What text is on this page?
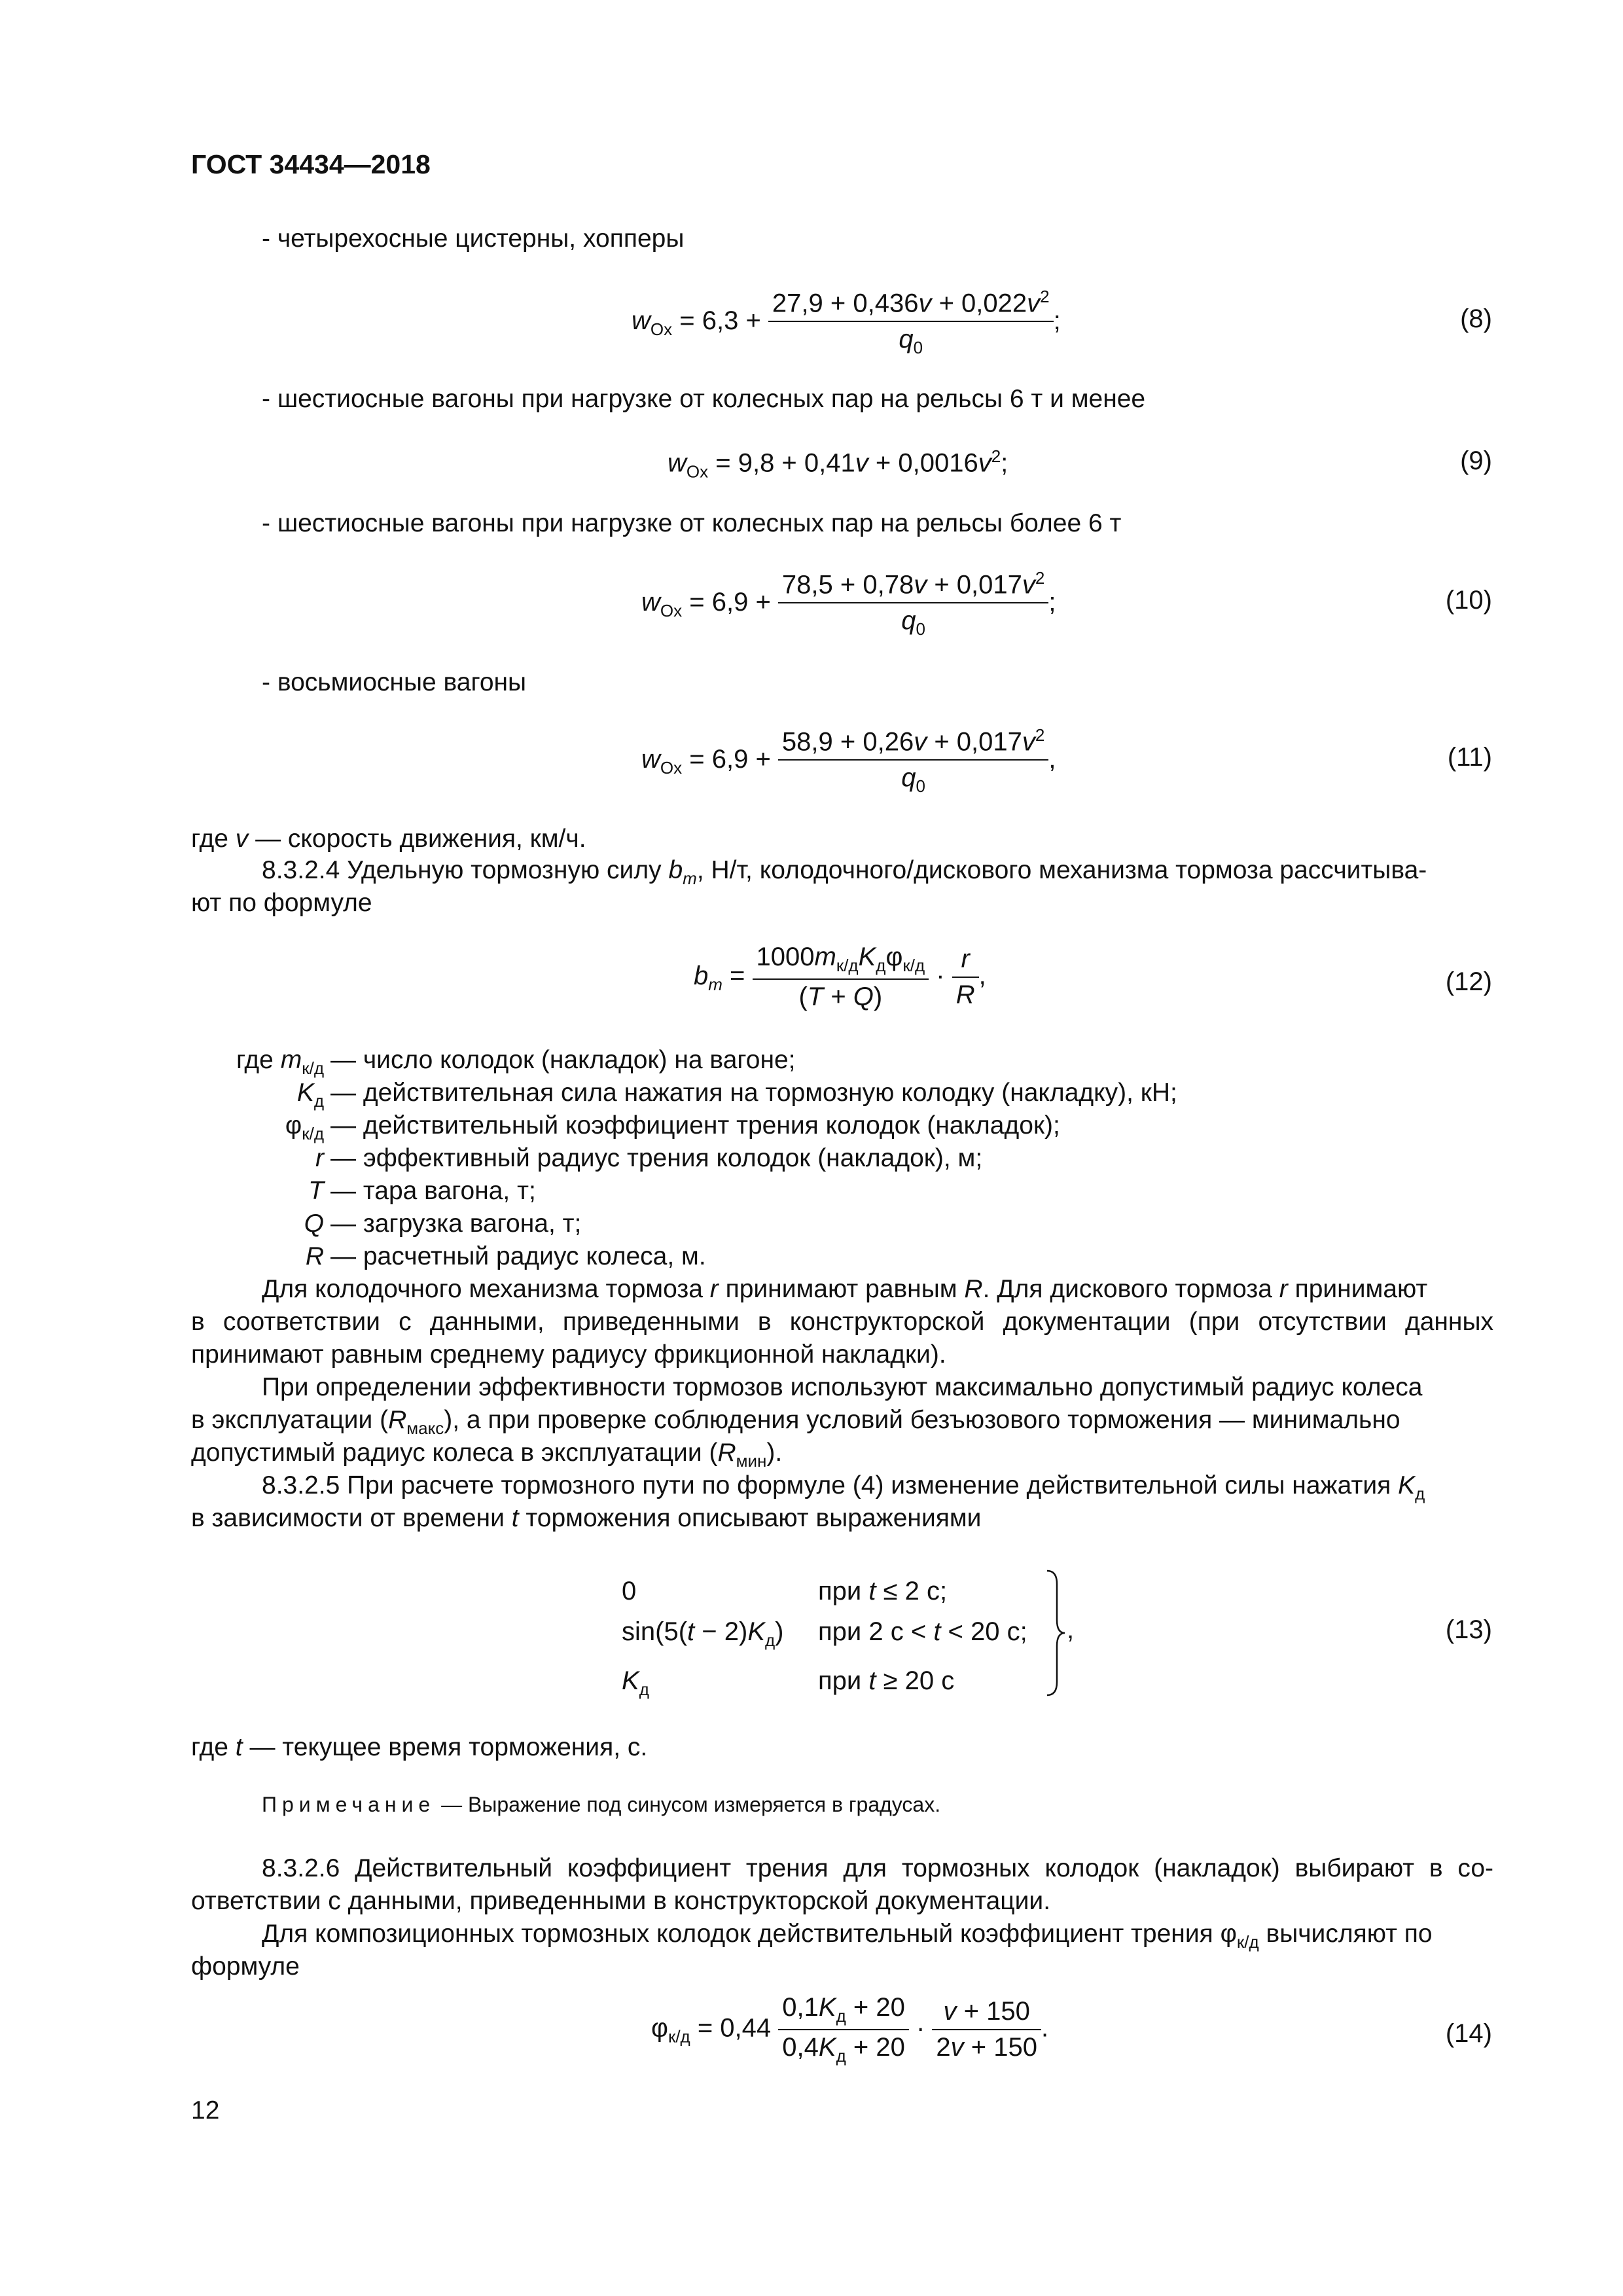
ГОСТ 34434—2018
- четырехосные цистерны, хопперы
$w_{Ox} = 6,3 + \frac{27,9 + 0,436v + 0,022v^2}{q_0}$ ;	(8)
- шестиосные вагоны при нагрузке от колесных пар на рельсы 6 т и менее
$w_{Ox} = 9,8 + 0,41v + 0,0016v^2$;	(9)
- шестиосные вагоны при нагрузке от колесных пар на рельсы более 6 т
$w_{Ox} = 6,9 + \frac{78,5 + 0,78v + 0,017v^2}{q_0}$ ;	(10)
- восьмиосные вагоны
$w_{Ox} = 6,9 + \frac{58,9 + 0,26v + 0,017v^2}{q_0}$ ,	(11)
где v — скорость движения, км/ч.
8.3.2.4 Удельную тормозную силу $b_m$, Н/т, колодочного/дискового механизма тормоза рассчитыва-
ют по формуле
$b_m = \frac{1000m_{к/д}K_д\varphi_{к/д}}{(T + Q)} \cdot \frac{r}{R}$ ,	(12)
где $m_{к/д}$ — число колодок (накладок) на вагоне;
$K_д$ — действительная сила нажатия на тормозную колодку (накладку), кН;
$\varphi_{к/д}$ — действительный коэффициент трения колодок (накладок);
r — эффективный радиус трения колодок (накладок), м;
T — тара вагона, т;
Q — загрузка вагона, т;
R — расчетный радиус колеса, м.
Для колодочного механизма тормоза r принимают равным R. Для дискового тормоза r принимают
в соответствии с данными, приведенными в конструкторской документации (при отсутствии данных
принимают равным среднему радиусу фрикционной накладки).
При определении эффективности тормозов используют максимально допустимый радиус колеса
в эксплуатации $(R_{макс})$, а при проверке соблюдения условий безъюзового торможения — минимально
допустимый радиус колеса в эксплуатации $(R_{мин})$.
8.3.2.5 При расчете тормозного пути по формуле (4) изменение действительной силы нажатия $K_д$
в зависимости от времени t торможения описывают выражениями
0	при t ≤ 2 с;
$\sin(5(t - 2)K_д)$ при 2 с < t < 20 с;
$K_д$	при t ≥ 20 с
,	(13)
где t — текущее время торможения, с.
Примечание — Выражение под синусом измеряется в градусах.
8.3.2.6 Действительный коэффициент трения для тормозных колодок (накладок) выбирают в со-
ответствии с данными, приведенными в конструкторской документации.
Для композиционных тормозных колодок действительный коэффициент трения $\varphi_{к/д}$ вычисляют по
формуле
$\varphi_{к/д} = 0,44 \frac{0,1K_д + 20}{0,4K_д + 20} \cdot \frac{v + 150}{2v + 150}$ .	(14)
12
